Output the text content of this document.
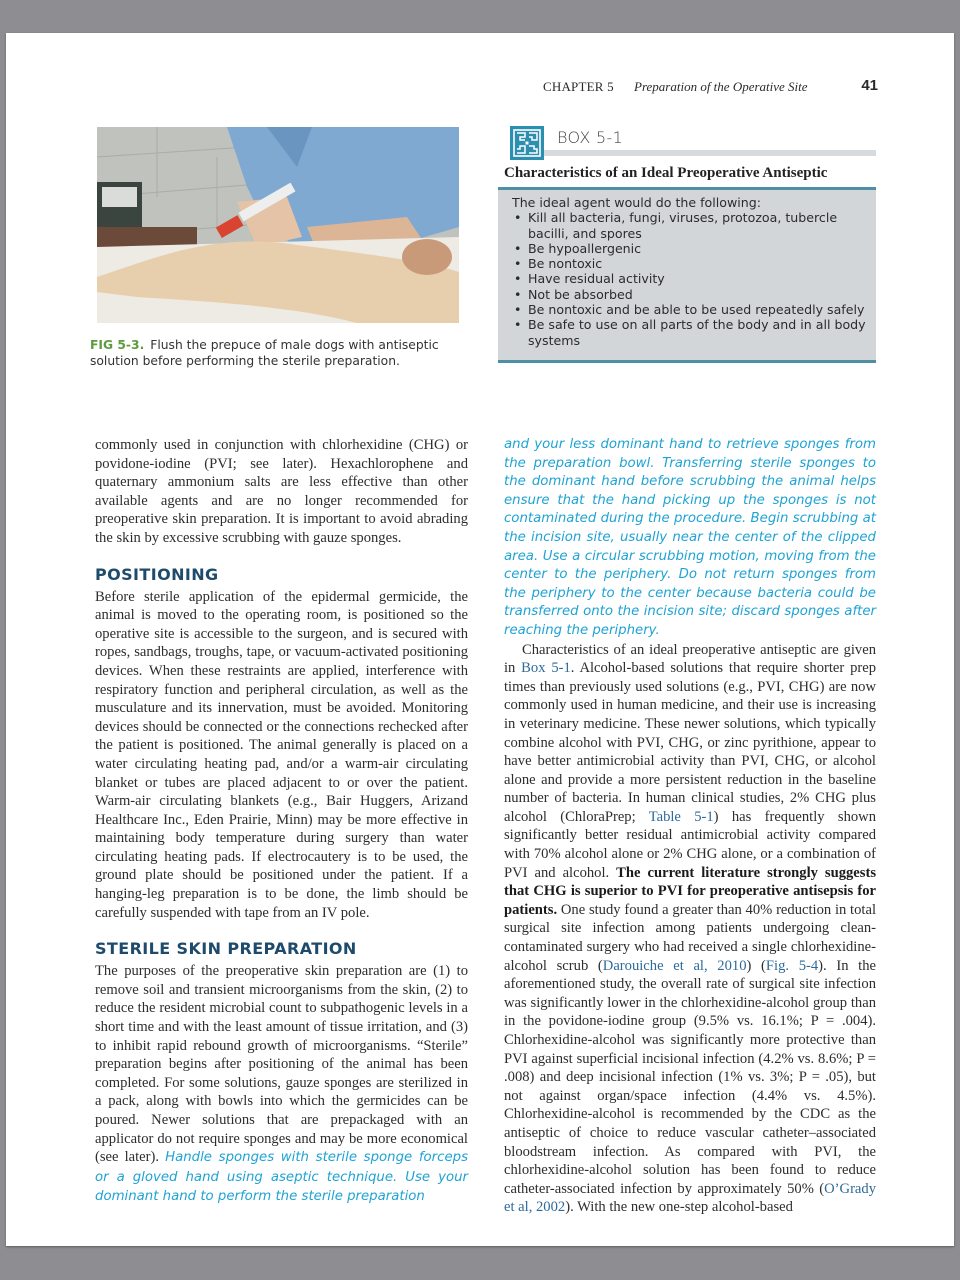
CHAPTER 5 Preparation of the Operative Site	41
FIG 5-3. Flush the prepuce of male dogs with antiseptic solution before performing the sterile preparation.
BOX 5-1
Characteristics of an Ideal Preoperative Antiseptic
The ideal agent would do the following:
• Kill all bacteria, fungi, viruses, protozoa, tubercle bacilli, and spores
• Be hypoallergenic
• Be nontoxic
• Have residual activity
• Not be absorbed
• Be nontoxic and be able to be used repeatedly safely
• Be safe to use on all parts of the body and in all body systems

commonly used in conjunction with chlorhexidine (CHG) or povidone-iodine (PVI; see later). Hexachlorophene and quaternary ammonium salts are less effective than other available agents and are no longer recommended for preoperative skin preparation. It is important to avoid abrading the skin by excessive scrubbing with gauze sponges.

POSITIONING

Before sterile application of the epidermal germicide, the animal is moved to the operating room, is positioned so the operative site is accessible to the surgeon, and is secured with ropes, sandbags, troughs, tape, or vacuum-activated positioning devices. When these restraints are applied, interference with respiratory function and peripheral circulation, as well as the musculature and its innervation, must be avoided. Monitoring devices should be connected or the connections rechecked after the patient is positioned. The animal generally is placed on a water circulating heating pad, and/or a warm-air circulating blanket or tubes are placed adjacent to or over the patient. Warm-air circulating blankets (e.g., Bair Huggers, Arizand Healthcare Inc., Eden Prairie, Minn) may be more effective in maintaining body temperature during surgery than water circulating heating pads. If electrocautery is to be used, the ground plate should be positioned under the patient. If a hanging-leg preparation is to be done, the limb should be carefully suspended with tape from an IV pole.

STERILE SKIN PREPARATION

The purposes of the preoperative skin preparation are (1) to remove soil and transient microorganisms from the skin, (2) to reduce the resident microbial count to subpathogenic levels in a short time and with the least amount of tissue irritation, and (3) to inhibit rapid rebound growth of microorganisms. “Sterile” preparation begins after positioning of the animal has been completed. For some solutions, gauze sponges are sterilized in a pack, along with bowls into which the germicides can be poured. Newer solutions that are prepackaged with an applicator do not require sponges and may be more economical (see later). Handle sponges with sterile sponge forceps or a gloved hand using aseptic technique. Use your dominant hand to perform the sterile preparation

and your less dominant hand to retrieve sponges from the preparation bowl. Transferring sterile sponges to the dominant hand before scrubbing the animal helps ensure that the hand picking up the sponges is not contaminated during the procedure. Begin scrubbing at the incision site, usually near the center of the clipped area. Use a circular scrubbing motion, moving from the center to the periphery. Do not return sponges from the periphery to the center because bacteria could be transferred onto the incision site; discard sponges after reaching the periphery.

Characteristics of an ideal preoperative antiseptic are given in Box 5-1. Alcohol-based solutions that require shorter prep times than previously used solutions (e.g., PVI, CHG) are now commonly used in human medicine, and their use is increasing in veterinary medicine. These newer solutions, which typically combine alcohol with PVI, CHG, or zinc pyrithione, appear to have better antimicrobial activity than PVI, CHG, or alcohol alone and provide a more persistent reduction in the baseline number of bacteria. In human clinical studies, 2% CHG plus alcohol (ChloraPrep; Table 5-1) has frequently shown significantly better residual antimicrobial activity compared with 70% alcohol alone or 2% CHG alone, or a combination of PVI and alcohol. The current literature strongly suggests that CHG is superior to PVI for preoperative antisepsis for patients. One study found a greater than 40% reduction in total surgical site infection among patients undergoing clean-contaminated surgery who had received a single chlorhexidine-alcohol scrub (Darouiche et al, 2010) (Fig. 5-4). In the aforementioned study, the overall rate of surgical site infection was significantly lower in the chlorhexidine-alcohol group than in the povidone-iodine group (9.5% vs. 16.1%; P = .004). Chlorhexidine-alcohol was significantly more protective than PVI against superficial incisional infection (4.2% vs. 8.6%; P = .008) and deep incisional infection (1% vs. 3%; P = .05), but not against organ/space infection (4.4% vs. 4.5%). Chlorhexidine-alcohol is recommended by the CDC as the antiseptic of choice to reduce vascular catheter–associated bloodstream infection. As compared with PVI, the chlorhexidine-alcohol solution has been found to reduce catheter-associated infection by approximately 50% (O’Grady et al, 2002). With the new one-step alcohol-based
